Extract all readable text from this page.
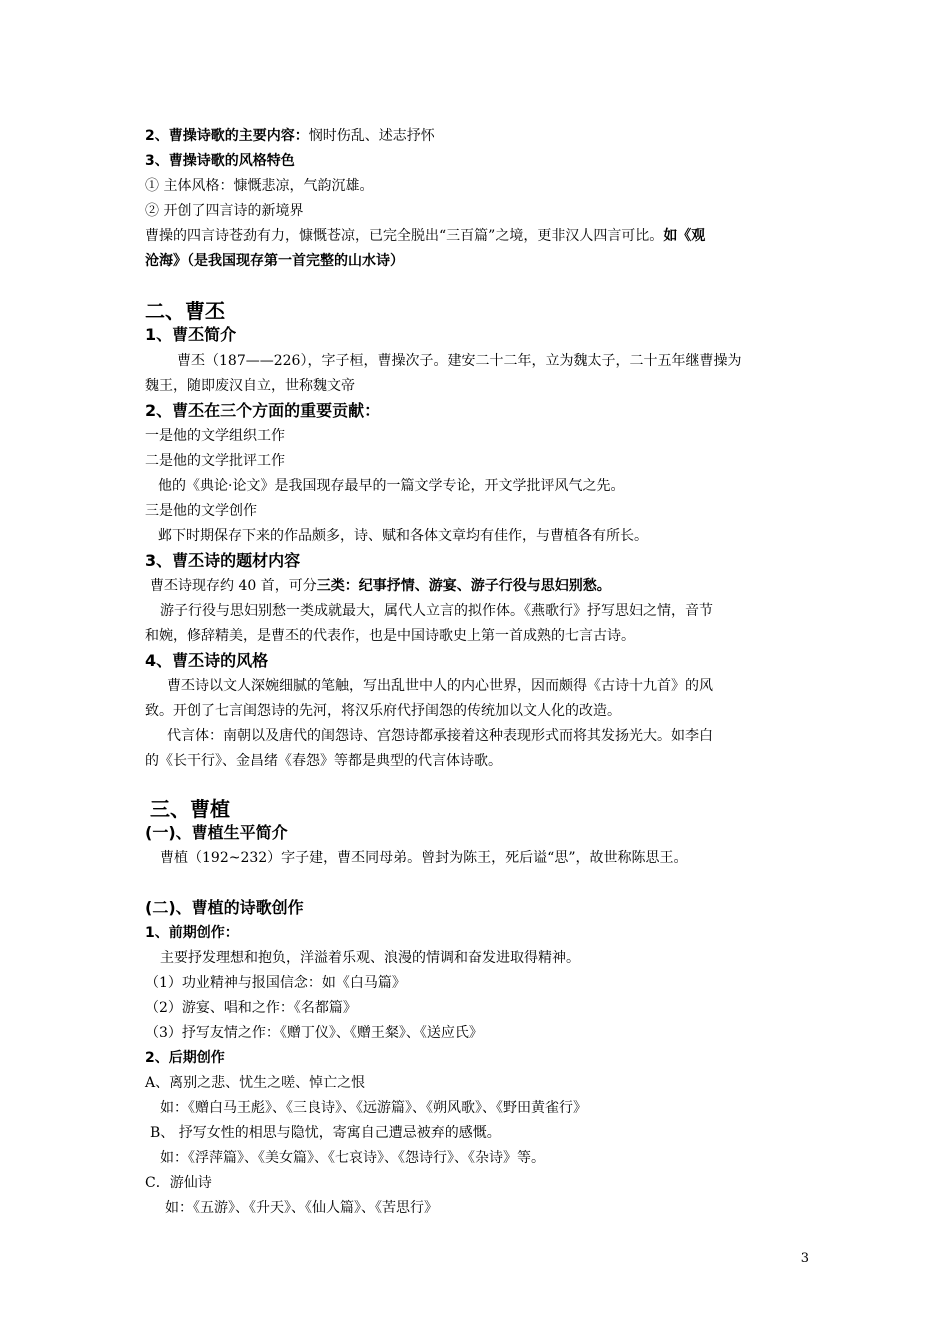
2、曹操诗歌的主要内容：悯时伤乱、述志抒怀
3、曹操诗歌的风格特色
① 主体风格：慷慨悲凉，气韵沉雄。
② 开创了四言诗的新境界
曹操的四言诗苍劲有力，慷慨苍凉，已完全脱出“三百篇”之境，更非汉人四言可比。如《观
沧海》（是我国现存第一首完整的山水诗）
二、曹丕
1、曹丕简介
曹丕（187——226），字子桓，曹操次子。建安二十二年，立为魏太子，二十五年继曹操为
魏王，随即废汉自立，世称魏文帝
2、曹丕在三个方面的重要贡献：
一是他的文学组织工作
二是他的文学批评工作
他的《典论·论文》是我国现存最早的一篇文学专论，开文学批评风气之先。
三是他的文学创作
邺下时期保存下来的作品颇多，诗、赋和各体文章均有佳作，与曹植各有所长。
3、曹丕诗的题材内容
曹丕诗现存约 40 首，可分三类：纪事抒情、游宴、游子行役与思妇别愁。
游子行役与思妇别愁一类成就最大，属代人立言的拟作体。《燕歌行》抒写思妇之情，音节
和婉，修辞精美，是曹丕的代表作，也是中国诗歌史上第一首成熟的七言古诗。
4、曹丕诗的风格
曹丕诗以文人深婉细腻的笔触，写出乱世中人的内心世界，因而颇得《古诗十九首》的风
致。开创了七言闺怨诗的先河，将汉乐府代抒闺怨的传统加以文人化的改造。
代言体：南朝以及唐代的闺怨诗、宫怨诗都承接着这种表现形式而将其发扬光大。如李白
的《长干行》、金昌绪《春怨》等都是典型的代言体诗歌。
三、曹植
(一)、曹植生平简介
曹植（192~232）字子建，曹丕同母弟。曾封为陈王，死后谥“思”，故世称陈思王。
(二)、曹植的诗歌创作
1、前期创作：
主要抒发理想和抱负，洋溢着乐观、浪漫的情调和奋发进取得精神。
（1）功业精神与报国信念：如《白马篇》
（2）游宴、唱和之作：《名都篇》
（3）抒写友情之作：《赠丁仪》、《赠王粲》、《送应氏》
2、后期创作
A、离别之悲、忧生之嗟、悼亡之恨
如：《赠白马王彪》、《三良诗》、《远游篇》、《朔风歌》、《野田黄雀行》
B、 抒写女性的相思与隐忧，寄寓自己遭忌被弃的感慨。
如：《浮萍篇》、《美女篇》、《七哀诗》、《怨诗行》、《杂诗》等。
C．游仙诗
如：《五游》、《升天》、《仙人篇》、《苦思行》
3
